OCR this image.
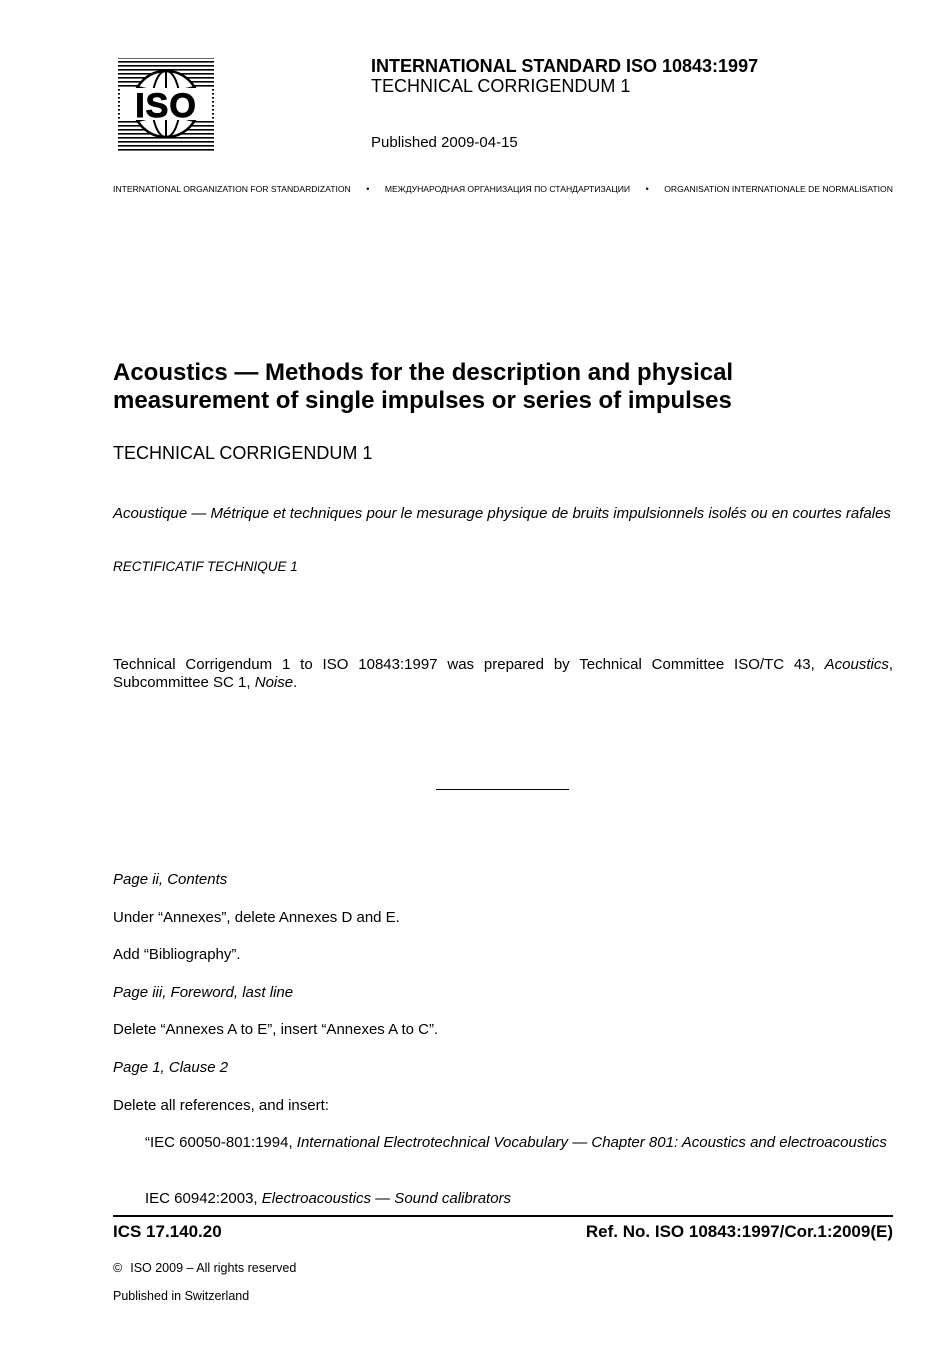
ISO
INTERNATIONAL STANDARD ISO 10843:1997
TECHNICAL CORRIGENDUM 1
Published 2009-04-15
INTERNATIONAL ORGANIZATION FOR STANDARDIZATION • МЕЖДУНАРОДНАЯ ОРГАНИЗАЦИЯ ПО СТАНДАРТИЗАЦИИ • ORGANISATION INTERNATIONALE DE NORMALISATION
Acoustics — Methods for the description and physical
measurement of single impulses or series of impulses
TECHNICAL CORRIGENDUM 1
Acoustique — Métrique et techniques pour le mesurage physique de bruits impulsionnels isolés ou en courtes rafales
RECTIFICATIF TECHNIQUE 1
Technical Corrigendum 1 to ISO 10843:1997 was prepared by Technical Committee ISO/TC 43, Acoustics, Subcommittee SC 1, Noise.
Page ii, Contents
Under “Annexes”, delete Annexes D and E.
Add “Bibliography”.
Page iii, Foreword, last line
Delete “Annexes A to E”, insert “Annexes A to C”.
Page 1, Clause 2
Delete all references, and insert:
“IEC 60050-801:1994, International Electrotechnical Vocabulary — Chapter 801: Acoustics and electroacoustics
IEC 60942:2003, Electroacoustics — Sound calibrators
ICS 17.140.20	Ref. No. ISO 10843:1997/Cor.1:2009(E)
© ISO 2009 – All rights reserved
Published in Switzerland
